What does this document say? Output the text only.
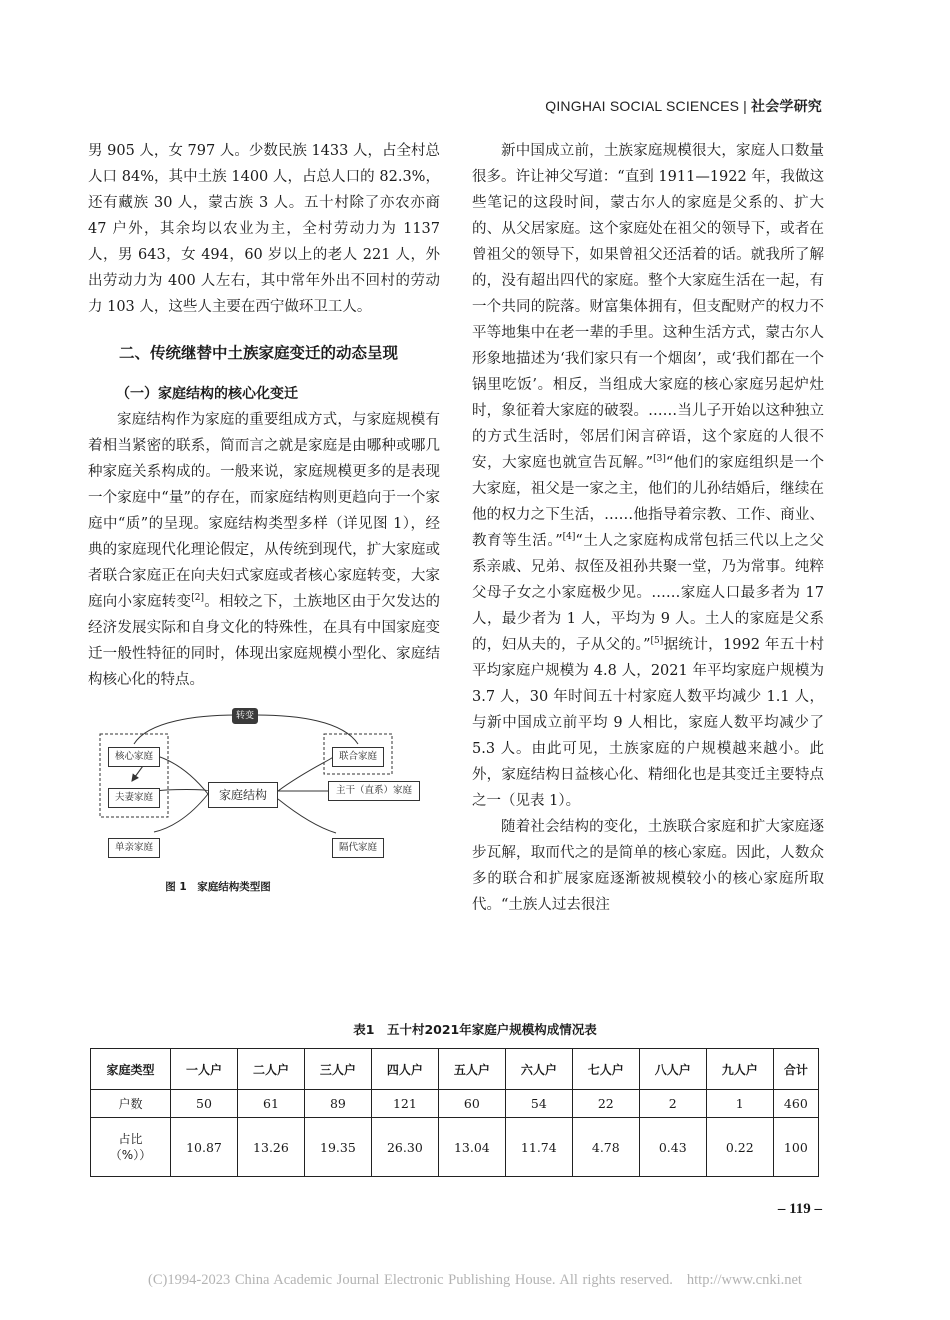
QINGHAI SOCIAL SCIENCES | 社会学研究

男 905 人，女 797 人。少数民族 1433 人，占全村总人口 84%，其中土族 1400 人，占总人口的 82.3%，还有藏族 30 人，蒙古族 3 人。五十村除了亦农亦商 47 户外，其余均以农业为主，全村劳动力为 1137 人，男 643，女 494，60 岁以上的老人 221 人，外出劳动力为 400 人左右，其中常年外出不回村的劳动力 103 人，这些人主要在西宁做环卫工人。

二、传统继替中土族家庭变迁的动态呈现
（一）家庭结构的核心化变迁

家庭结构作为家庭的重要组成方式，与家庭规模有着相当紧密的联系，简而言之就是家庭是由哪种或哪几种家庭关系构成的。一般来说，家庭规模更多的是表现一个家庭中“量”的存在，而家庭结构则更趋向于一个家庭中“质”的呈现。家庭结构类型多样（详见图 1），经典的家庭现代化理论假定，从传统到现代，扩大家庭或者联合家庭正在向夫妇式家庭或者核心家庭转变，大家庭向小家庭转变[2]。相较之下，土族地区由于欠发达的经济发展实际和自身文化的特殊性，在具有中国家庭变迁一般性特征的同时，体现出家庭规模小型化、家庭结构核心化的特点。

转变
核心家庭
夫妻家庭
单亲家庭
家庭结构
联合家庭
主干（直系）家庭
隔代家庭
图 1　家庭结构类型图

新中国成立前，土族家庭规模很大，家庭人口数量很多。许让神父写道：“直到 1911—1922 年，我做这些笔记的这段时间，蒙古尔人的家庭是父系的、扩大的、从父居家庭。这个家庭处在祖父的领导下，或者在曾祖父的领导下，如果曾祖父还活着的话。就我所了解的，没有超出四代的家庭。整个大家庭生活在一起，有一个共同的院落。财富集体拥有，但支配财产的权力不平等地集中在老一辈的手里。这种生活方式，蒙古尔人形象地描述为‘我们家只有一个烟囱’，或‘我们都在一个锅里吃饭’。相反，当组成大家庭的核心家庭另起炉灶时，象征着大家庭的破裂。……当儿子开始以这种独立的方式生活时，邻居们闲言碎语，这个家庭的人很不安，大家庭也就宣告瓦解。”[3]“他们的家庭组织是一个大家庭，祖父是一家之主，他们的儿孙结婚后，继续在他的权力之下生活，……他指导着宗教、工作、商业、教育等生活。”[4]“土人之家庭构成常包括三代以上之父系亲戚、兄弟、叔侄及祖孙共聚一堂，乃为常事。纯粹父母子女之小家庭极少见。……家庭人口最多者为 17 人，最少者为 1 人，平均为 9 人。土人的家庭是父系的，妇从夫的，子从父的。”[5]据统计，1992 年五十村平均家庭户规模为 4.8 人，2021 年平均家庭户规模为 3.7 人，30 年时间五十村家庭人数平均减少 1.1 人，与新中国成立前平均 9 人相比，家庭人数平均减少了 5.3 人。由此可见，土族家庭的户规模越来越小。此外，家庭结构日益核心化、精细化也是其变迁主要特点之一（见表 1）。

随着社会结构的变化，土族联合家庭和扩大家庭逐步瓦解，取而代之的是简单的核心家庭。因此，人数众多的联合和扩展家庭逐渐被规模较小的核心家庭所取代。“土族人过去很注

表1　五十村2021年家庭户规模构成情况表
家庭类型	一人户	二人户	三人户	四人户	五人户	六人户	七人户	八人户	九人户	合计
户数	50	61	89	121	60	54	22	2	1	460
占比
（%））	10.87	13.26	19.35	26.30	13.04	11.74	4.78	0.43	0.22	100
– 119 –
(C)1994-2023 China Academic Journal Electronic Publishing House. All rights reserved. http://www.cnki.net
